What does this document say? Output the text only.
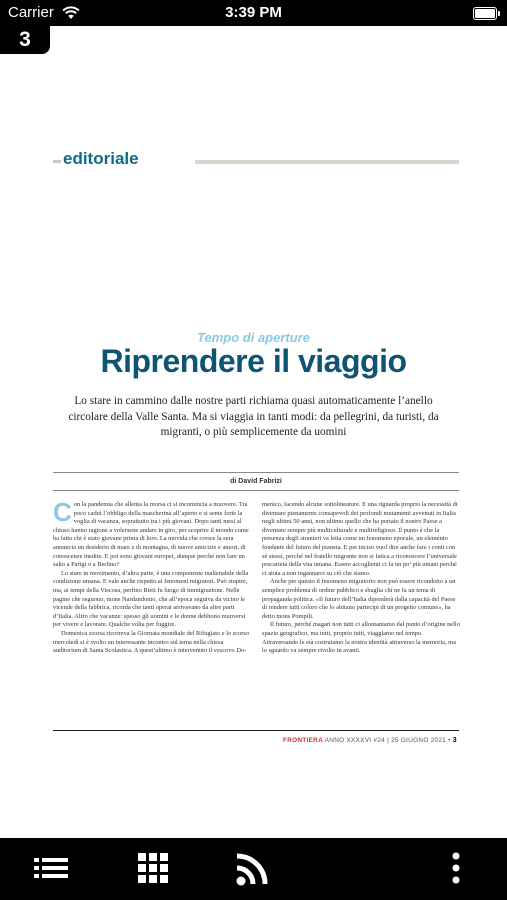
Carrier	3:39 PM
3
editoriale
Tempo di aperture
Riprendere il viaggio
Lo stare in cammino dalle nostre parti richiama quasi automaticamente l’anello circolare della Valle Santa. Ma si viaggia in tanti modi: da pellegrini, da turisti, da migranti, o più semplicemente da uomini
di David Fabrizi

Con la pandemia che allenta la morsa ci si incomincia a muovere. Tra poco cadrà l’obbligo della mascherina all’aperto e si sente forte la voglia di vacanza, soprattutto tra i più giovani. Dopo tanti mesi al chiuso hanno ragione a volersene andare in giro, per scoprire il mondo come ha fatto chi è stato giovane prima di loro. La movida che cresce la sera annuncia un desiderio di mare e di montagna, di nuove amicizie e amori, di conoscenze inedite. E poi sono giovani europei, dunque perché non fare un salto a Parigi o a Berlino?

Lo stare in movimento, d’altra parte, è una componente inalienabile della condizione umana. E vale anche rispetto ai fenomeni migratori. Può stupire, ma, ai tempi della Viscosa, perfino Rieti fu luogo di immigrazione. Nelle pagine che seguono, mons Nardandonio, che all’epoca seguiva da vicino le vicende della fabbrica, ricorda che tanti operai arrivavano da altre parti d’Italia. Altro che vacanze: spesso gli uomini e le donne debbono muoversi per vivere e lavorare. Qualche volta per fuggire.

Domenica scorsa ricorreva la Giornata mondiale del Rifugiato e lo scorso mercoledì si è svolto un interessante incontro sul tema nella chiesa auditorium di Santa Scolastica. A quest’ultimo è intervenuto il vescovo Do-

menico, facendo alcune sottolineature. E una riguarda proprio la necessità di diventare pienamente consapevoli dei profondi mutamenti avvenuti in Italia negli ultimi 50 anni, non ultimo quello che ha portato il nostro Paese a diventare sempre più multiculturale e multireligioso. Il punto è che la presenza degli stranieri va letta come un fenomeno epocale, un elemento fondante del futuro del pianeta. E per inciso vuol dire anche fare i conti con sé stessi, perché nel fratello migrante non si fatica a riconoscere l’universale precarietà della vita umana. Essere accoglienti ci fa un po’ più umani perché ci aiuta a non ingannarci su ciò che siamo.

Anche per questo il fenomeno migratorio non può essere ricondotto a un semplice problema di ordine pubblico e sbaglia chi ne fa un tema di propaganda politica. «Il futuro dell’Italia dipenderà dalla capacità del Paese di rendere tutti coloro che lo abitano partecipi di un progetto comune», ha detto mons Pompili.

Il futuro, perché magari non tutti ci allontaniamo dal punto d’origine nello spazio geografico, ma tutti, proprio tutti, viaggiamo nel tempo. Attraversando le età costruiamo la nostra identità attraverso la memoria, ma lo sguardo va sempre rivolto in avanti.

FRONTIERA ANNO XXXXVI #24 | 25 GIUGNO 2021 • 3
